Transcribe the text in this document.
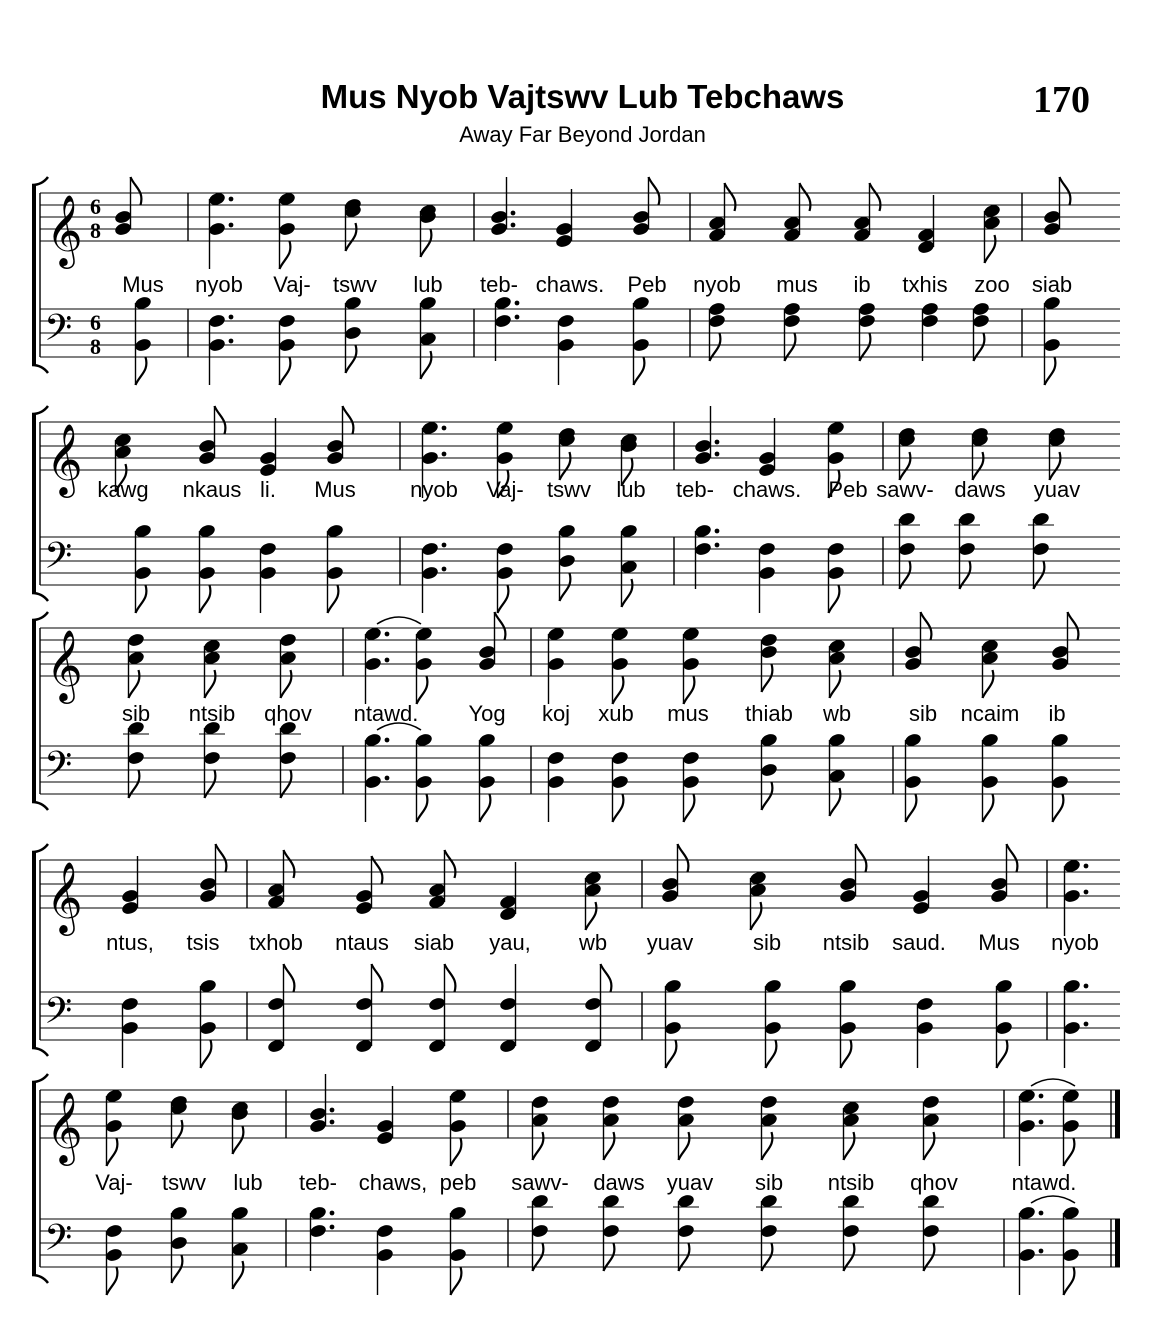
Mus Nyob Vajtswv Lub Tebchaws
Away Far Beyond Jordan
170
𝄞 6
8
𝄢 6
8
Mus nyob Vaj- tswv lub teb- chaws. Peb nyob mus ib txhis zoo siab
𝄞
𝄢
kawg nkaus li. Mus nyob Vaj- tswv lub teb- chaws. Peb sawv- daws yuav
𝄞
𝄢
sib ntsib qhov ntawd. Yog koj xub mus thiab wb	sib ncaim ib
𝄞
𝄢
ntus, tsis txhob ntaus siab yau, wb yuav	sib ntsib saud. Mus nyob
𝄞
𝄢
Vaj- tswv lub teb- chaws, peb sawv- daws yuav sib ntsib qhov ntawd.
